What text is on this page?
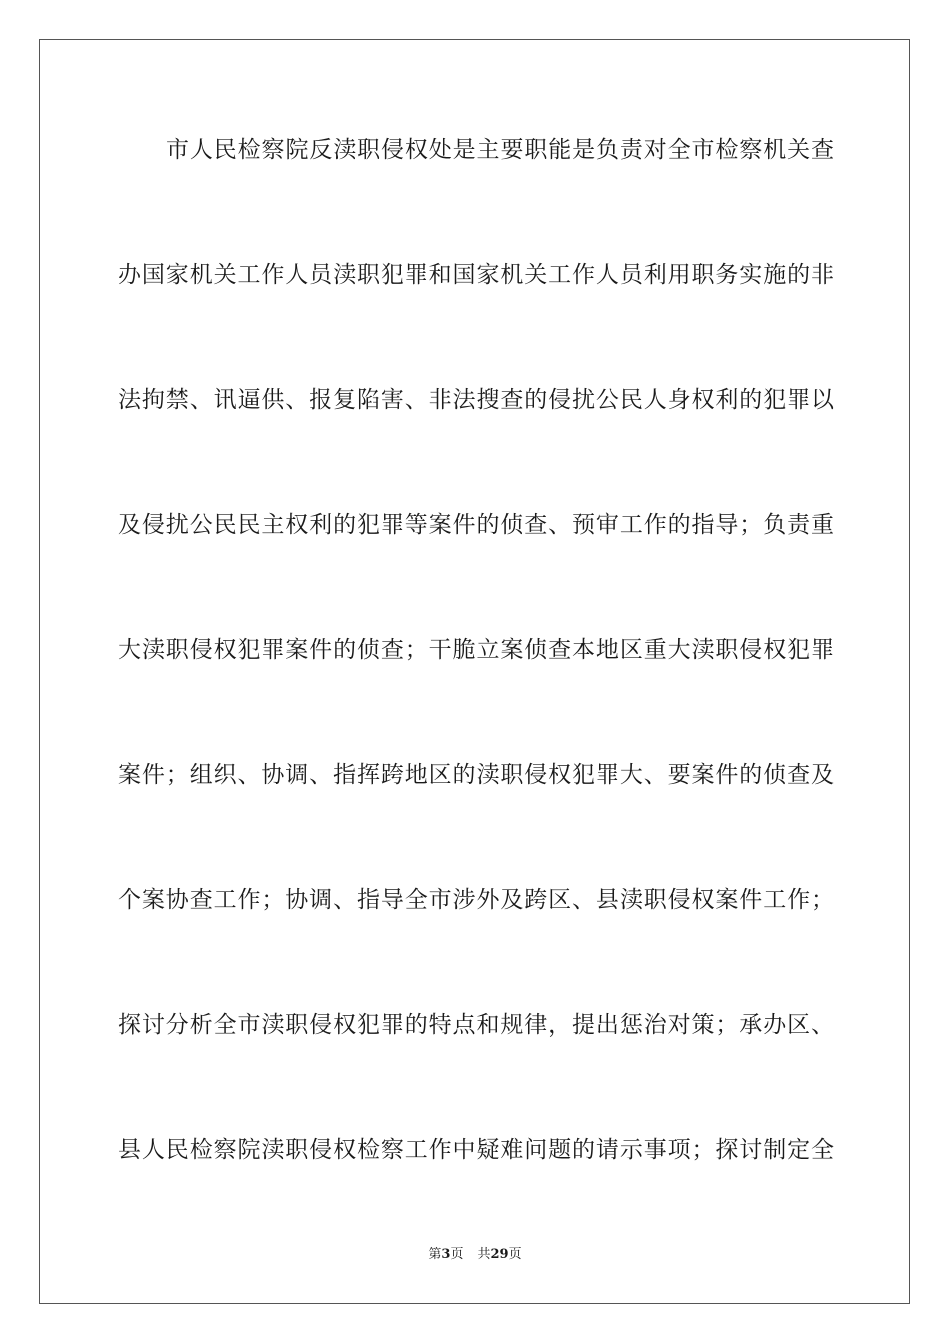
市人民检察院反渎职侵权处是主要职能是负责对全市检察机关查
办国家机关工作人员渎职犯罪和国家机关工作人员利用职务实施的非
法拘禁、讯逼供、报复陷害、非法搜查的侵扰公民人身权利的犯罪以
及侵扰公民民主权利的犯罪等案件的侦查、预审工作的指导；负责重
大渎职侵权犯罪案件的侦查；干脆立案侦查本地区重大渎职侵权犯罪
案件；组织、协调、指挥跨地区的渎职侵权犯罪大、要案件的侦查及
个案协查工作；协调、指导全市涉外及跨区、县渎职侵权案件工作；
探讨分析全市渎职侵权犯罪的特点和规律，提出惩治对策；承办区、
县人民检察院渎职侵权检察工作中疑难问题的请示事项；探讨制定全
第3页 共29页
